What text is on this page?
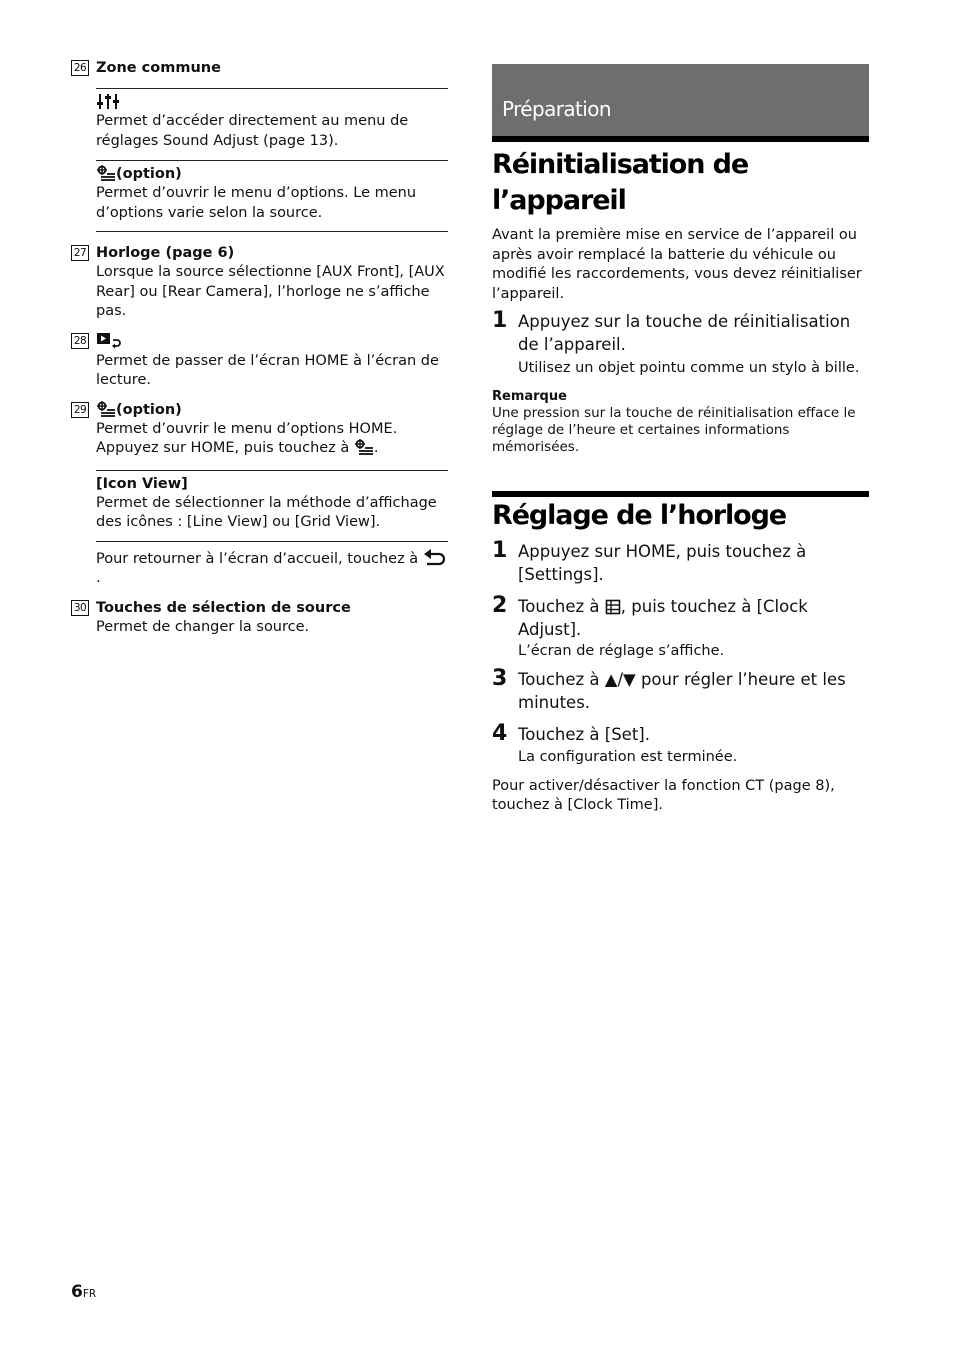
26 Zone commune
Permet d’accéder directement au menu de réglages Sound Adjust (page 13).
(option)
Permet d’ouvrir le menu d’options. Le menu d’options varie selon la source.
27 Horloge (page 6)
Lorsque la source sélectionne [AUX Front], [AUX Rear] ou [Rear Camera], l’horloge ne s’affiche pas.
28
Permet de passer de l’écran HOME à l’écran de lecture.
29	(option)
Permet d’ouvrir le menu d’options HOME. Appuyez sur HOME, puis touchez à .
[Icon View]
Permet de sélectionner la méthode d’affichage des icônes : [Line View] ou [Grid View].
Pour retourner à l’écran d’accueil, touchez à .
30 Touches de sélection de source
Permet de changer la source.
Préparation
Réinitialisation de l’appareil
Avant la première mise en service de l’appareil ou après avoir remplacé la batterie du véhicule ou modifié les raccordements, vous devez réinitialiser l’appareil.
1 Appuyez sur la touche de réinitialisation de l’appareil.
Utilisez un objet pointu comme un stylo à bille.
Remarque
Une pression sur la touche de réinitialisation efface le réglage de l’heure et certaines informations mémorisées.
Réglage de l’horloge
1 Appuyez sur HOME, puis touchez à [Settings].
2 Touchez à , puis touchez à [Clock Adjust].
L’écran de réglage s’affiche.
3 Touchez à ▲/▼ pour régler l’heure et les minutes.
4 Touchez à [Set].
La configuration est terminée.
Pour activer/désactiver la fonction CT (page 8), touchez à [Clock Time].
6FR
